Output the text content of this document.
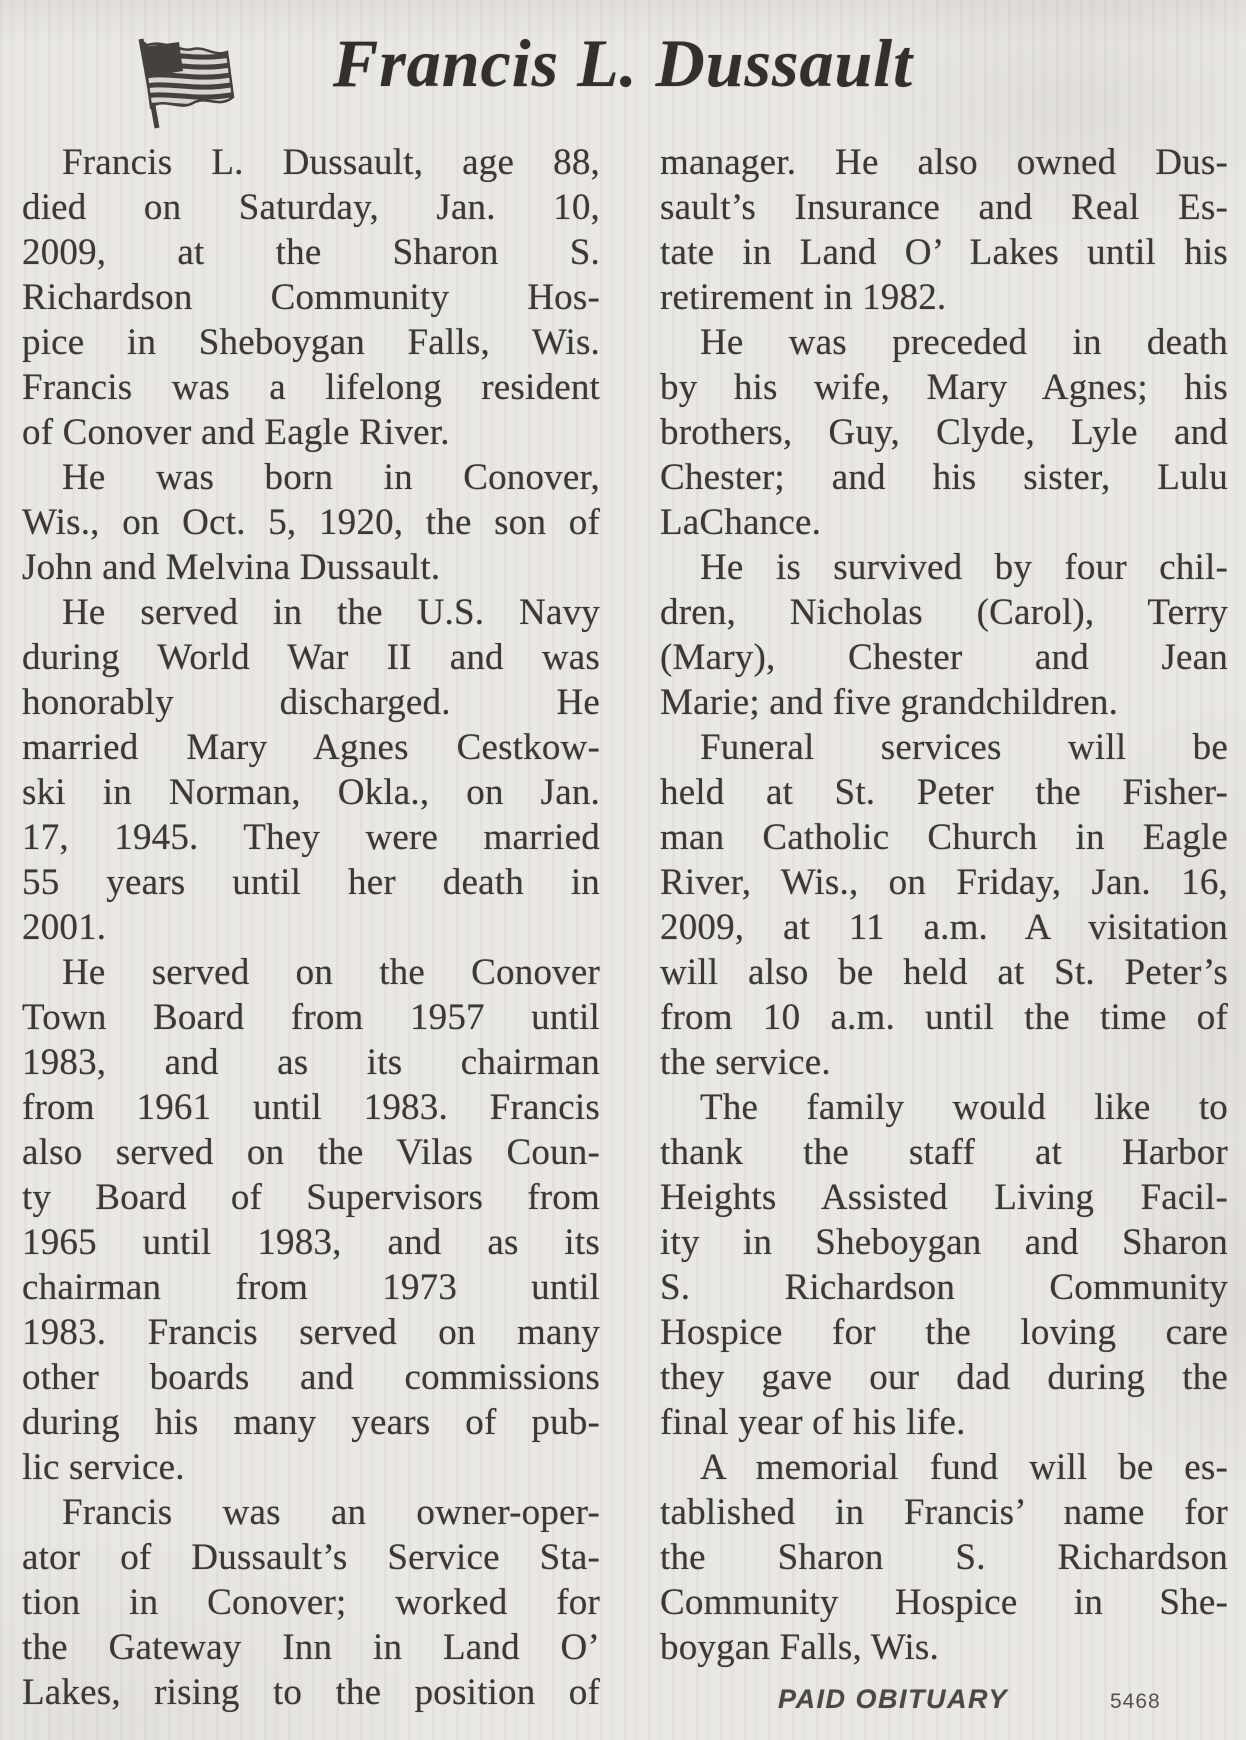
Francis L. Dussault
Francis L. Dussault, age 88,
died on Saturday, Jan. 10,
2009, at the Sharon S.
Richardson Community Hos-
pice in Sheboygan Falls, Wis.
Francis was a lifelong resident
of Conover and Eagle River.
He was born in Conover,
Wis., on Oct. 5, 1920, the son of
John and Melvina Dussault.
He served in the U.S. Navy
during World War II and was
honorably discharged. He
married Mary Agnes Cestkow-
ski in Norman, Okla., on Jan.
17, 1945. They were married
55 years until her death in
2001.
He served on the Conover
Town Board from 1957 until
1983, and as its chairman
from 1961 until 1983. Francis
also served on the Vilas Coun-
ty Board of Supervisors from
1965 until 1983, and as its
chairman from 1973 until
1983. Francis served on many
other boards and commissions
during his many years of pub-
lic service.
Francis was an owner-oper-
ator of Dussault’s Service Sta-
tion in Conover; worked for
the Gateway Inn in Land O’
Lakes, rising to the position of
manager. He also owned Dus-
sault’s Insurance and Real Es-
tate in Land O’ Lakes until his
retirement in 1982.
He was preceded in death
by his wife, Mary Agnes; his
brothers, Guy, Clyde, Lyle and
Chester; and his sister, Lulu
LaChance.
He is survived by four chil-
dren, Nicholas (Carol), Terry
(Mary), Chester and Jean
Marie; and five grandchildren.
Funeral services will be
held at St. Peter the Fisher-
man Catholic Church in Eagle
River, Wis., on Friday, Jan. 16,
2009, at 11 a.m. A visitation
will also be held at St. Peter’s
from 10 a.m. until the time of
the service.
The family would like to
thank the staff at Harbor
Heights Assisted Living Facil-
ity in Sheboygan and Sharon
S. Richardson Community
Hospice for the loving care
they gave our dad during the
final year of his life.
A memorial fund will be es-
tablished in Francis’ name for
the Sharon S. Richardson
Community Hospice in She-
boygan Falls, Wis.
PAID OBITUARY	5468
